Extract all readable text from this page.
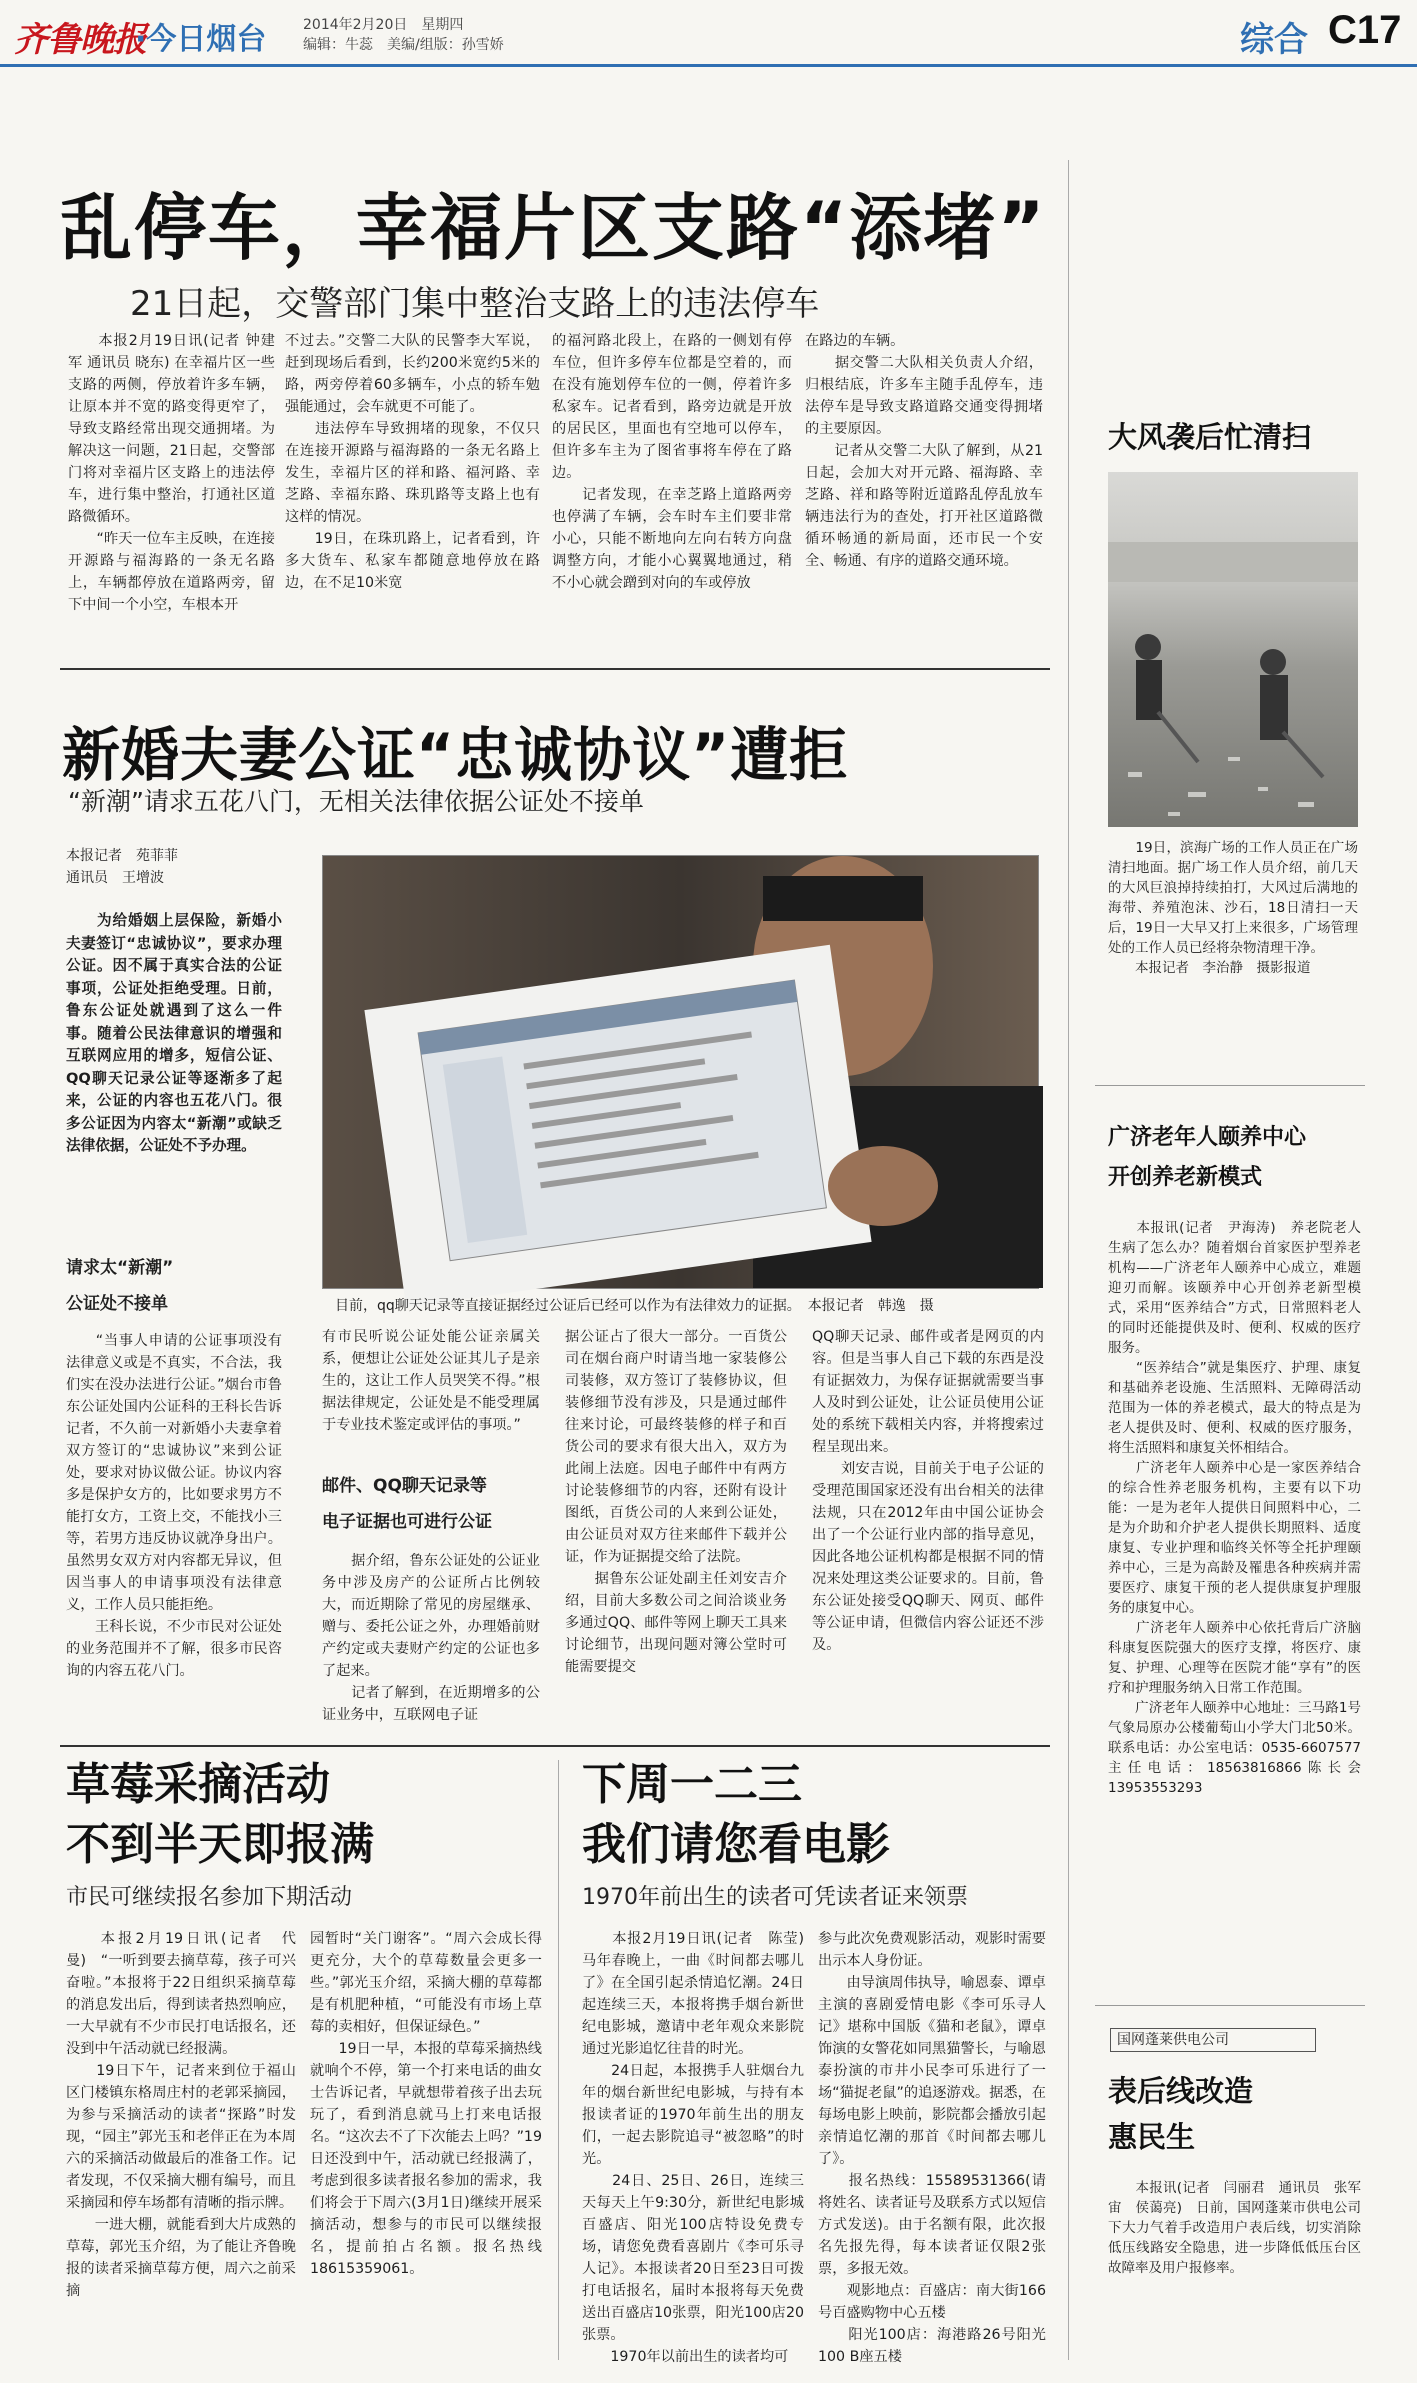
齐鲁晚报
·今日烟台	2014年2月20日　星期四
编辑：牛蕊　美编/组版：孙雪娇	综合 C17
乱停车，幸福片区支路“添堵”
21日起，交警部门集中整治支路上的违法停车
　　本报2月19日讯(记者 钟建军 通讯员 晓东) 在幸福片区一些支路的两侧，停放着许多车辆，让原本并不宽的路变得更窄了，导致支路经常出现交通拥堵。为解决这一问题，21日起，交警部门将对幸福片区支路上的违法停车，进行集中整治，打通社区道路微循环。
　　“昨天一位车主反映，在连接开源路与福海路的一条无名路上，车辆都停放在道路两旁，留下中间一个小空，车根本开
不过去。”交警二大队的民警李大军说，赶到现场后看到，长约200米宽约5米的路，两旁停着60多辆车，小点的轿车勉强能通过，会车就更不可能了。
　　违法停车导致拥堵的现象，不仅只在连接开源路与福海路的一条无名路上发生，幸福片区的祥和路、福河路、幸芝路、幸福东路、珠玑路等支路上也有这样的情况。
　　19日，在珠玑路上，记者看到，许多大货车、私家车都随意地停放在路边，在不足10米宽
的福河路北段上，在路的一侧划有停车位，但许多停车位都是空着的，而在没有施划停车位的一侧，停着许多私家车。记者看到，路旁边就是开放的居民区，里面也有空地可以停车，但许多车主为了图省事将车停在了路边。
　　记者发现，在幸芝路上道路两旁也停满了车辆，会车时车主们要非常小心，只能不断地向左向右转方向盘调整方向，才能小心翼翼地通过，稍不小心就会蹭到对向的车或停放
在路边的车辆。
　　据交警二大队相关负责人介绍，归根结底，许多车主随手乱停车，违法停车是导致支路道路交通变得拥堵的主要原因。
　　记者从交警二大队了解到，从21日起，会加大对开元路、福海路、幸芝路、祥和路等附近道路乱停乱放车辆违法行为的查处，打开社区道路微循环畅通的新局面，还市民一个安全、畅通、有序的道路交通环境。
大风袭后忙清扫
　　19日，滨海广场的工作人员正在广场清扫地面。据广场工作人员介绍，前几天的大风巨浪掉持续拍打，大风过后满地的海带、养殖泡沫、沙石，18日清扫一天后，19日一大早又打上来很多，广场管理处的工作人员已经将杂物清理干净。
　　本报记者　李治静　摄影报道
广济老年人颐养中心
开创养老新模式
　　本报讯(记者　尹海涛)　养老院老人生病了怎么办？随着烟台首家医护型养老机构——广济老年人颐养中心成立，难题迎刃而解。该颐养中心开创养老新型模式，采用“医养结合”方式，日常照料老人的同时还能提供及时、便利、权威的医疗服务。
　　“医养结合”就是集医疗、护理、康复和基础养老设施、生活照料、无障碍活动范围为一体的养老模式，最大的特点是为老人提供及时、便利、权威的医疗服务，将生活照料和康复关怀相结合。
　　广济老年人颐养中心是一家医养结合的综合性养老服务机构，主要有以下功能：一是为老年人提供日间照料中心，二是为介助和介护老人提供长期照料、适度康复、专业护理和临终关怀等全托护理颐养中心，三是为高龄及罹患各种疾病并需要医疗、康复干预的老人提供康复护理服务的康复中心。
　　广济老年人颐养中心依托背后广济脑科康复医院强大的医疗支撑，将医疗、康复、护理、心理等在医院才能“享有”的医疗和护理服务纳入日常工作范围。
　　广济老年人颐养中心地址：三马路1号气象局原办公楼葡萄山小学大门北50米。联系电话：办公室电话：0535-6607577主任电话：18563816866陈长会13953553293
国网蓬莱供电公司
表后线改造
惠民生
　　本报讯(记者　闫丽君　通讯员　张军宙　侯蔼亮)　日前，国网蓬莱市供电公司下大力气着手改造用户表后线，切实消除低压线路安全隐患，进一步降低低压台区故障率及用户报修率。
新婚夫妻公证“忠诚协议”遭拒
“新潮”请求五花八门，无相关法律依据公证处不接单
本报记者　苑菲菲
通讯员　王增波
　　为给婚姻上层保险，新婚小夫妻签订“忠诚协议”，要求办理公证。因不属于真实合法的公证事项，公证处拒绝受理。日前，鲁东公证处就遇到了这么一件事。随着公民法律意识的增强和互联网应用的增多，短信公证、QQ聊天记录公证等逐渐多了起来，公证的内容也五花八门。很多公证因为内容太“新潮”或缺乏法律依据，公证处不予办理。
请求太“新潮”
公证处不接单
　　“当事人申请的公证事项没有法律意义或是不真实，不合法，我们实在没办法进行公证。”烟台市鲁东公证处国内公证科的王科长告诉记者，不久前一对新婚小夫妻拿着双方签订的“忠诚协议”来到公证处，要求对协议做公证。协议内容多是保护女方的，比如要求男方不能打女方，工资上交，不能找小三等，若男方违反协议就净身出户。虽然男女双方对内容都无异议，但因当事人的申请事项没有法律意义，工作人员只能拒绝。
　　王科长说，不少市民对公证处的业务范围并不了解，很多市民咨询的内容五花八门。
目前，qq聊天记录等直接证据经过公证后已经可以作为有法律效力的证据。　本报记者　韩逸　摄
有市民听说公证处能公证亲属关系，便想让公证处公证其儿子是亲生的，这让工作人员哭笑不得。”根据法律规定，公证处是不能受理属于专业技术鉴定或评估的事项。”
邮件、QQ聊天记录等
电子证据也可进行公证
　　据介绍，鲁东公证处的公证业务中涉及房产的公证所占比例较大，而近期除了常见的房屋继承、赠与、委托公证之外，办理婚前财产约定或夫妻财产约定的公证也多了起来。
　　记者了解到，在近期增多的公证业务中，互联网电子证
据公证占了很大一部分。一百货公司在烟台商户时请当地一家装修公司装修，双方签订了装修协议，但装修细节没有涉及，只是通过邮件往来讨论，可最终装修的样子和百货公司的要求有很大出入，双方为此闹上法庭。因电子邮件中有两方讨论装修细节的内容，还附有设计图纸，百货公司的人来到公证处，由公证员对双方往来邮件下载并公证，作为证据提交给了法院。
　　据鲁东公证处副主任刘安吉介绍，目前大多数公司之间洽谈业务多通过QQ、邮件等网上聊天工具来讨论细节，出现问题对簿公堂时可能需要提交
QQ聊天记录、邮件或者是网页的内容。但是当事人自己下载的东西是没有证据效力，为保存证据就需要当事人及时到公证处，让公证员使用公证处的系统下载相关内容，并将搜索过程呈现出来。
　　刘安吉说，目前关于电子公证的受理范围国家还没有出台相关的法律法规，只在2012年由中国公证协会出了一个公证行业内部的指导意见，因此各地公证机构都是根据不同的情况来处理这类公证要求的。目前，鲁东公证处接受QQ聊天、网页、邮件等公证申请，但微信内容公证还不涉及。
草莓采摘活动
不到半天即报满
市民可继续报名参加下期活动
　　本报2月19日讯(记者　代曼)　“一听到要去摘草莓，孩子可兴奋啦。”本报将于22日组织采摘草莓的消息发出后，得到读者热烈响应，一大早就有不少市民打电话报名，还没到中午活动就已经报满。
　　19日下午，记者来到位于福山区门楼镇东格周庄村的老郭采摘园，为参与采摘活动的读者“探路”时发现，“园主”郭光玉和老伴正在为本周六的采摘活动做最后的准备工作。记者发现，不仅采摘大棚有编号，而且采摘园和停车场都有清晰的指示牌。
　　一进大棚，就能看到大片成熟的草莓，郭光玉介绍，为了能让齐鲁晚报的读者采摘草莓方便，周六之前采摘
园暂时“关门谢客”。“周六会成长得更充分，大个的草莓数量会更多一些。”郭光玉介绍，采摘大棚的草莓都是有机肥种植，“可能没有市场上草莓的卖相好，但保证绿色。”
　　19日一早，本报的草莓采摘热线就响个不停，第一个打来电话的曲女士告诉记者，早就想带着孩子出去玩玩了，看到消息就马上打来电话报名。“这次去不了下次能去上吗？”19日还没到中午，活动就已经报满了，考虑到很多读者报名参加的需求，我们将会于下周六(3月1日)继续开展采摘活动，想参与的市民可以继续报名，提前拍占名额。报名热线18615359061。
下周一二三
我们请您看电影
1970年前出生的读者可凭读者证来领票
　　本报2月19日讯(记者　陈莹)　马年春晚上，一曲《时间都去哪儿了》在全国引起杀情追忆潮。24日起连续三天，本报将携手烟台新世纪电影城，邀请中老年观众来影院通过光影追忆往昔的时光。
　　24日起，本报携手人驻烟台九年的烟台新世纪电影城，与持有本报读者证的1970年前生出的朋友们，一起去影院追寻“被忽略”的时光。
　　24日、25日、26日，连续三天每天上午9:30分，新世纪电影城百盛店、阳光100店特设免费专场，请您免费看喜剧片《李可乐寻人记》。本报读者20日至23日可拨打电话报名，届时本报将每天免费送出百盛店10张票，阳光100店20张票。
　　1970年以前出生的读者均可
参与此次免费观影活动，观影时需要出示本人身份证。
　　由导演周伟执导，喻恩泰、谭卓主演的喜剧爱情电影《李可乐寻人记》堪称中国版《猫和老鼠》，谭卓饰演的女警花如同黑猫警长，与喻恩泰扮演的市井小民李可乐进行了一场“猫捉老鼠”的追逐游戏。据悉，在每场电影上映前，影院都会播放引起亲情追忆潮的那首《时间都去哪儿了》。
　　报名热线：15589531366(请将姓名、读者证号及联系方式以短信方式发送)。由于名额有限，此次报名先报先得，每本读者证仅限2张票，多报无效。
　　观影地点：百盛店：南大街166号百盛购物中心五楼
　　阳光100店：海港路26号阳光100 B座五楼
